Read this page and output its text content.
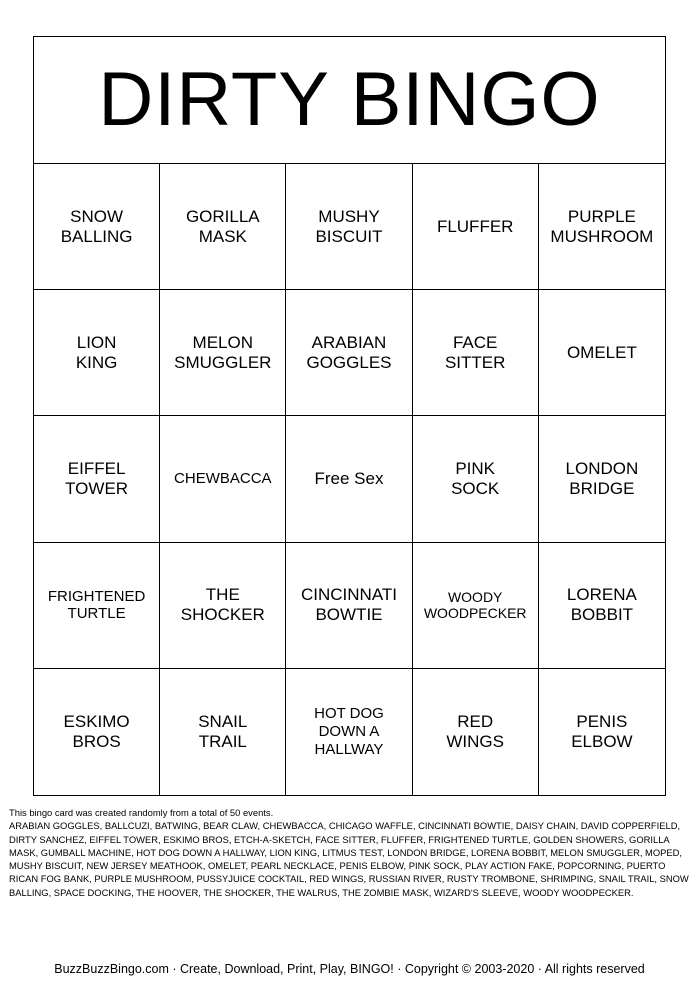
DIRTY BINGO
SNOW
BALLING
GORILLA
MASK
MUSHY
BISCUIT
FLUFFER
PURPLE
MUSHROOM
LION
KING
MELON
SMUGGLER
ARABIAN
GOGGLES
FACE
SITTER
OMELET
EIFFEL
TOWER
CHEWBACCA	Free Sex
PINK
SOCK
LONDON
BRIDGE
FRIGHTENED
TURTLE
THE
SHOCKER
CINCINNATI
BOWTIE
WOODY
WOODPECKER
LORENA
BOBBIT
ESKIMO
BROS
SNAIL
TRAIL
HOT DOG
DOWN A
HALLWAY
RED
WINGS
PENIS
ELBOW
This bingo card was created randomly from a total of 50 events.
ARABIAN GOGGLES, BALLCUZI, BATWING, BEAR CLAW, CHEWBACCA, CHICAGO WAFFLE, CINCINNATI BOWTIE, DAISY CHAIN, DAVID COPPERFIELD, DIRTY SANCHEZ, EIFFEL TOWER, ESKIMO BROS, ETCH-A-SKETCH, FACE SITTER, FLUFFER, FRIGHTENED TURTLE, GOLDEN SHOWERS, GORILLA MASK, GUMBALL MACHINE, HOT DOG DOWN A HALLWAY, LION KING, LITMUS TEST, LONDON BRIDGE, LORENA BOBBIT, MELON SMUGGLER, MOPED, MUSHY BISCUIT, NEW JERSEY MEATHOOK, OMELET, PEARL NECKLACE, PENIS ELBOW, PINK SOCK, PLAY ACTION FAKE, POPCORNING, PUERTO RICAN FOG BANK, PURPLE MUSHROOM, PUSSYJUICE COCKTAIL, RED WINGS, RUSSIAN RIVER, RUSTY TROMBONE, SHRIMPING, SNAIL TRAIL, SNOW BALLING, SPACE DOCKING, THE HOOVER, THE SHOCKER, THE WALRUS, THE ZOMBIE MASK, WIZARD'S SLEEVE, WOODY WOODPECKER.
BuzzBuzzBingo.com · Create, Download, Print, Play, BINGO! · Copyright © 2003-2020 · All rights reserved
